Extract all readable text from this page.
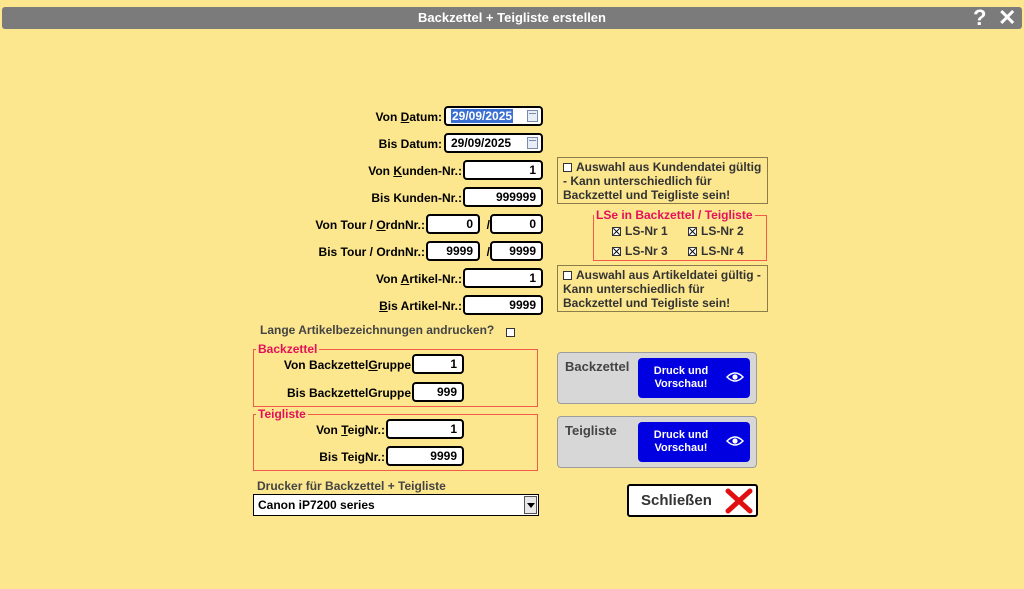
Backzettel + Teigliste erstellen	? ✕
Von Datum: 29/09/2025
Bis Datum: 29/09/2025
Von Kunden-Nr.:	1
Bis Kunden-Nr.:	999999
Von Tour / OrdnNr.:	0	/	0
Bis Tour / OrdnNr.:	9999	/	9999
Von Artikel-Nr.:	1
Bis Artikel-Nr.:	9999
Auswahl aus Kundendatei gültig - Kann unterschiedlich für Backzettel und Teigliste sein!
LSe in Backzettel / Teigliste
LS-Nr 1	LS-Nr 2
LS-Nr 3	LS-Nr 4
Auswahl aus Artikeldatei gültig - Kann unterschiedlich für Backzettel und Teigliste sein!
Lange Artikelbezeichnungen andrucken?
Backzettel
Von BackzettelGruppe	1
Bis BackzettelGruppe	999
Teigliste
Von TeigNr.:	1
Bis TeigNr.:	9999
Backzettel	Druck und
Vorschau!
Teigliste	Druck und
Vorschau!
Drucker für Backzettel + Teigliste
Canon iP7200 series	Schließen
